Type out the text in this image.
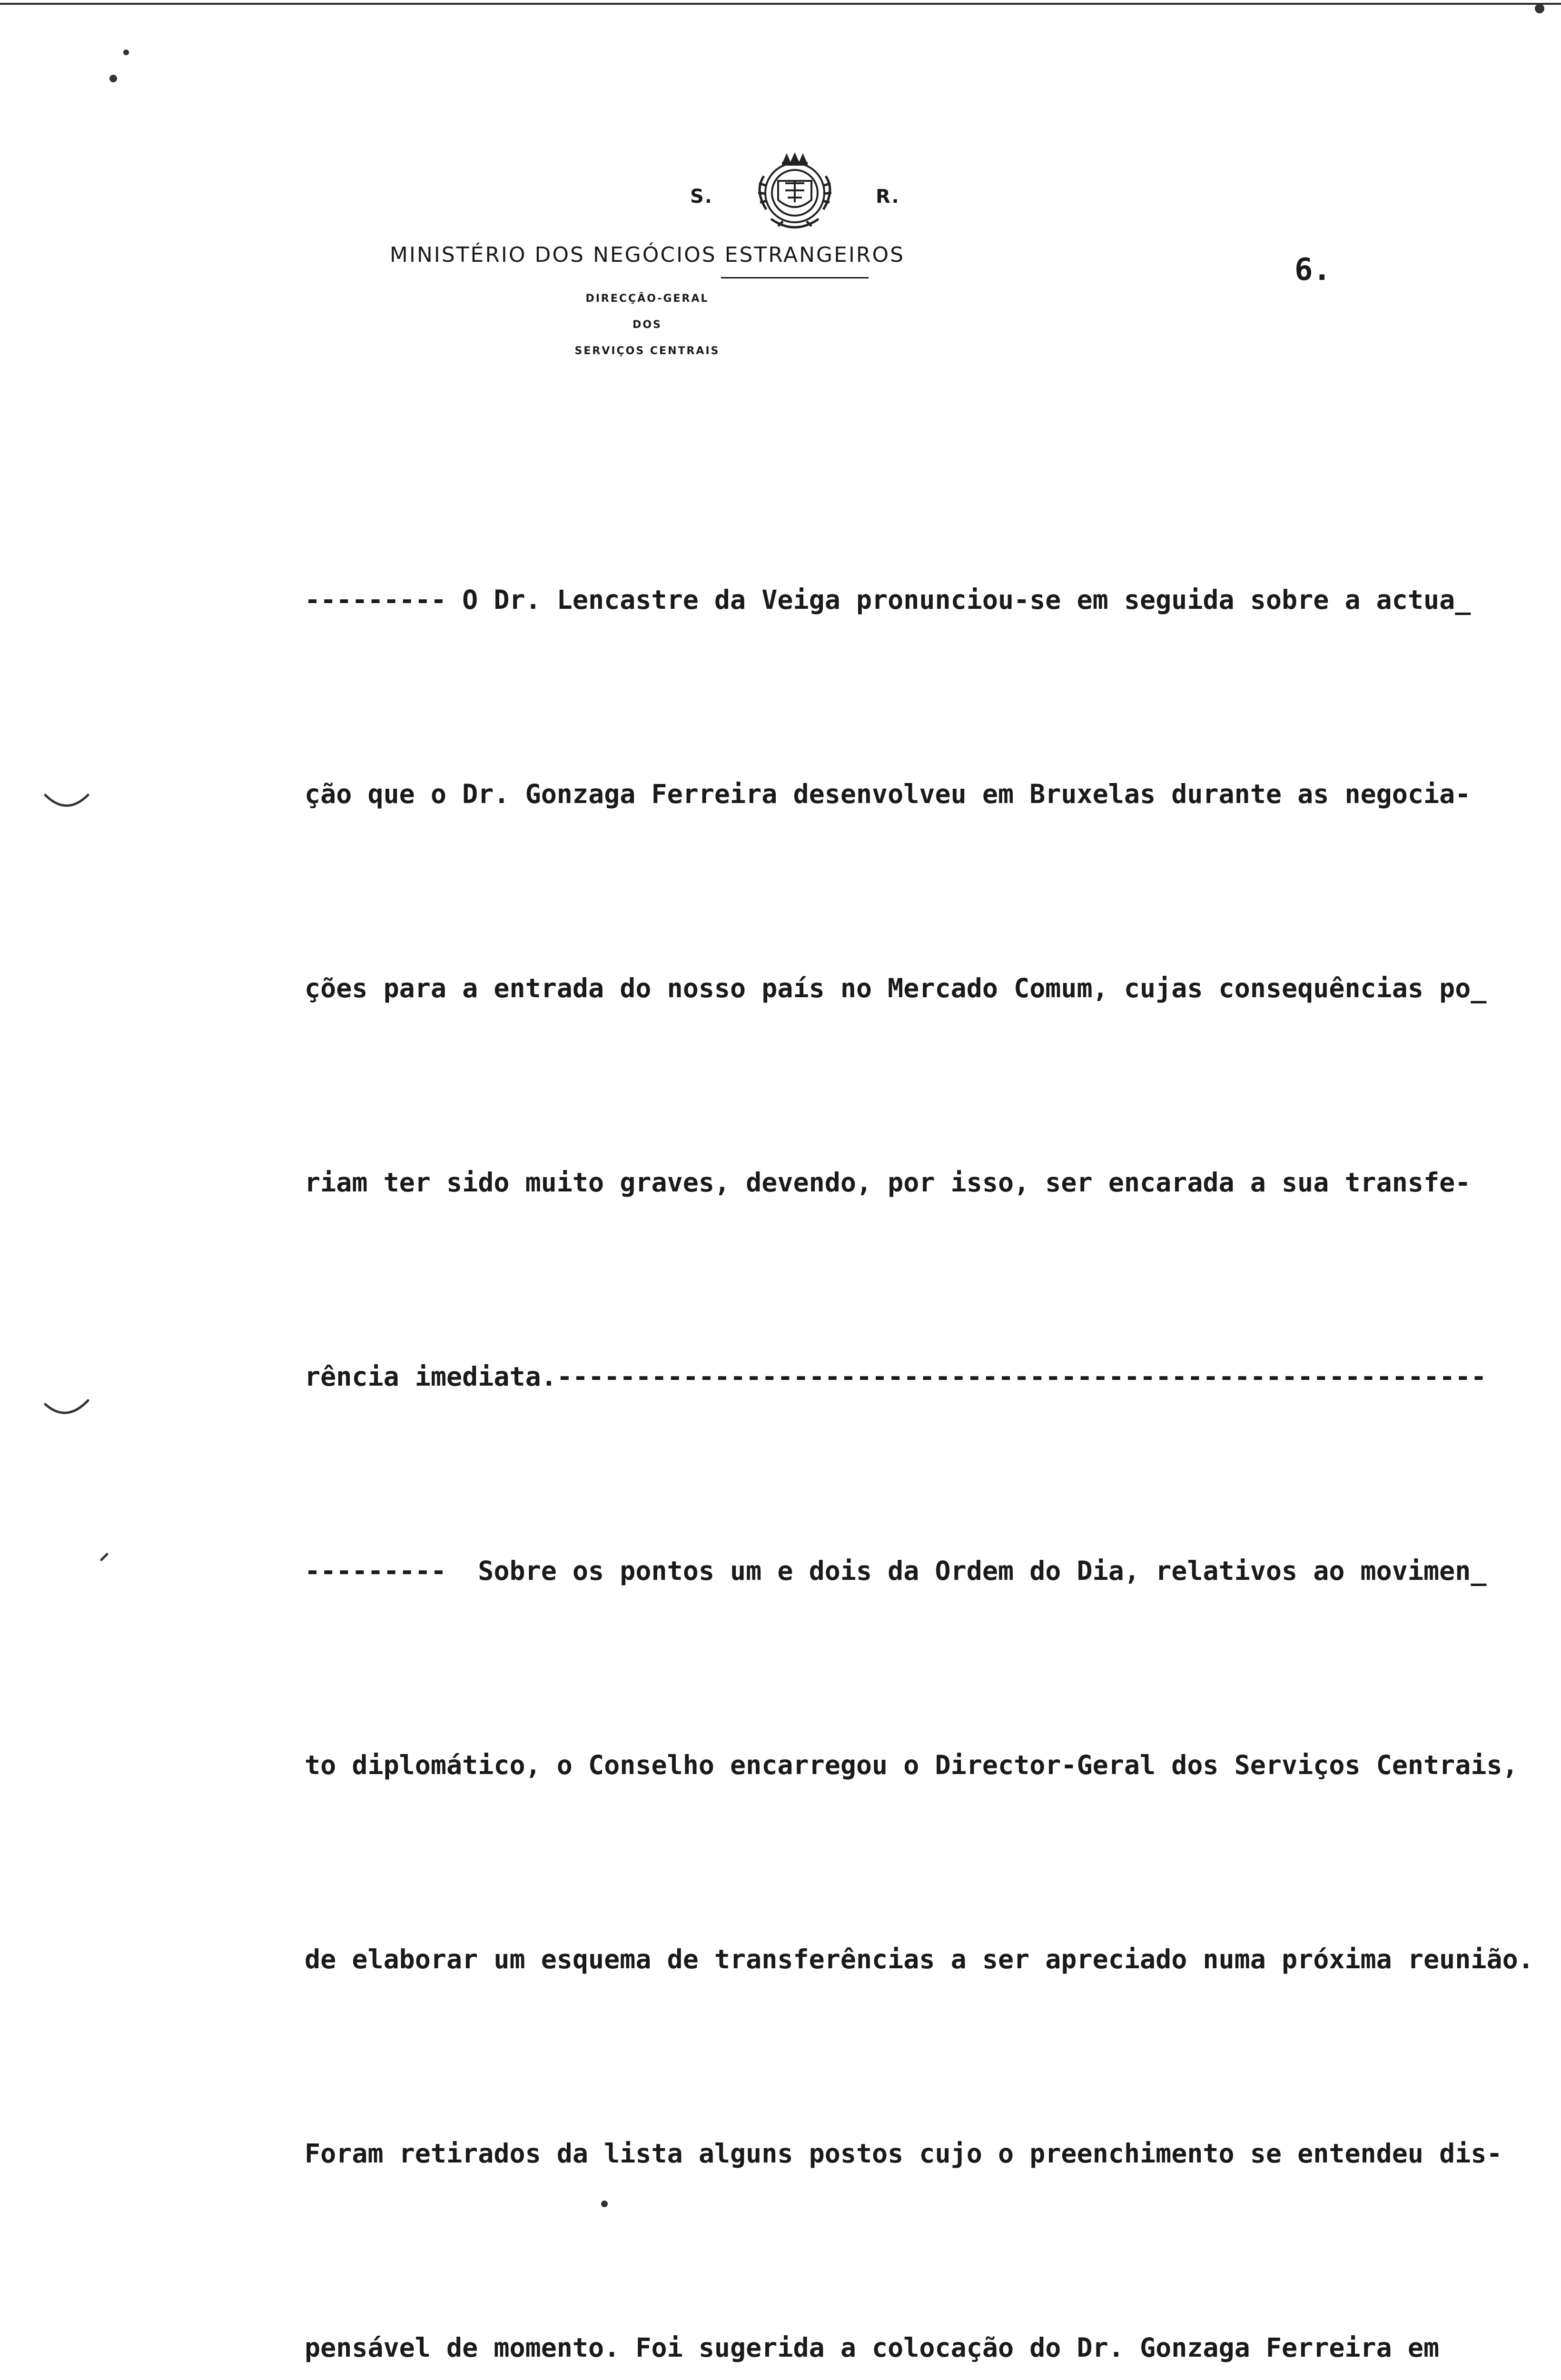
S.	R.
MINISTÉRIO DOS NEGÓCIOS ESTRANGEIROS
DIRECÇÃO-GERAL
DOS
SERVIÇOS CENTRAIS
6.

--------- O Dr. Lencastre da Veiga pronunciou-se em seguida sobre a actua_

ção que o Dr. Gonzaga Ferreira desenvolveu em Bruxelas durante as negocia-

ções para a entrada do nosso país no Mercado Comum, cujas consequências po_

riam ter sido muito graves, devendo, por isso, ser encarada a sua transfe-

rência imediata.-----------------------------------------------------------

---------  Sobre os pontos um e dois da Ordem do Dia, relativos ao movimen_

to diplomático, o Conselho encarregou o Director-Geral dos Serviços Centrais,

de elaborar um esquema de transferências a ser apreciado numa próxima reunião.

Foram retirados da lista alguns postos cujo o preenchimento se entendeu dis-

pensável de momento. Foi sugerida a colocação do Dr. Gonzaga Ferreira em
